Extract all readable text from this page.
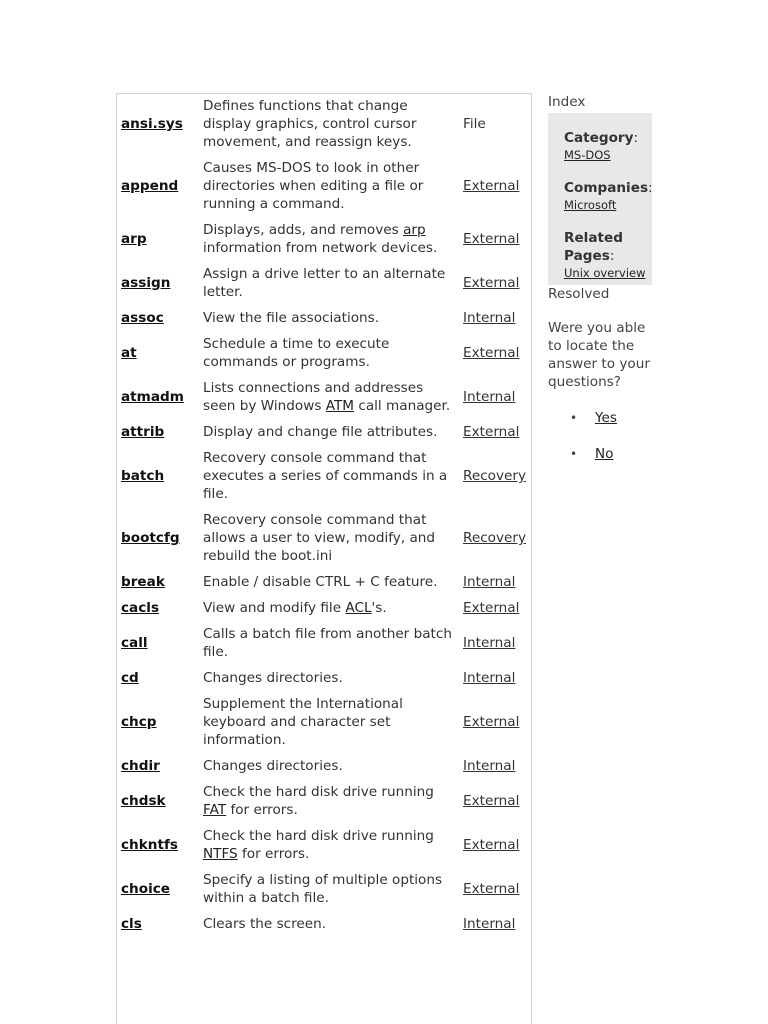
ansi.sys	Defines functions that change display graphics, control cursor movement, and reassign keys.	File
append	Causes MS-DOS to look in other directories when editing a file or running a command.	External
arp	Displays, adds, and removes arp information from network devices.	External
assign	Assign a drive letter to an alternate letter.	External
assoc	View the file associations.	Internal
at	Schedule a time to execute commands or programs.	External
atmadm	Lists connections and addresses seen by Windows ATM call manager.	Internal
attrib	Display and change file attributes.	External
batch	Recovery console command that executes a series of commands in a file.	Recovery
bootcfg	Recovery console command that allows a user to view, modify, and rebuild the boot.ini	Recovery
break	Enable / disable CTRL + C feature.	Internal
cacls	View and modify file ACL's.	External
call	Calls a batch file from another batch file.	Internal
cd	Changes directories.	Internal
chcp	Supplement the International keyboard and character set information.	External
chdir	Changes directories.	Internal
chdsk	Check the hard disk drive running FAT for errors.	External
chkntfs	Check the hard disk drive running NTFS for errors.	External
choice	Specify a listing of multiple options within a batch file.	External
cls	Clears the screen.	Internal
Index
Category:
MS-DOS
Companies:
Microsoft
Related Pages:
Unix overview
Resolved
Were you able to locate the answer to your questions?
• Yes
• No
